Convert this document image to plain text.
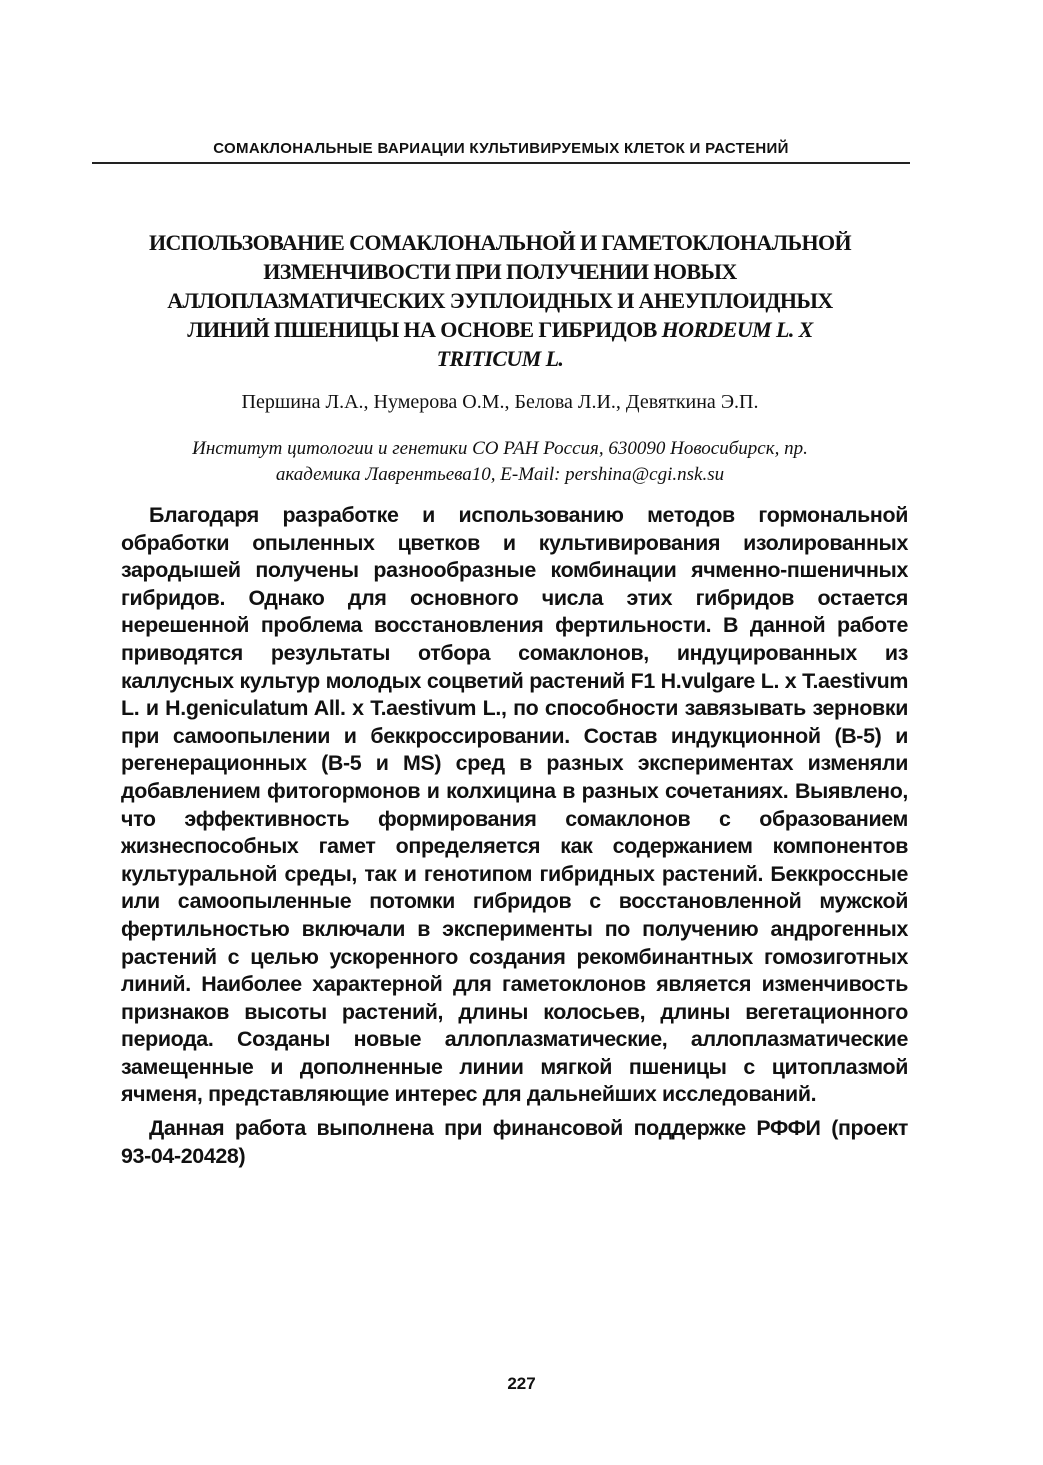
СОМАКЛОНАЛЬНЫЕ ВАРИАЦИИ КУЛЬТИВИРУЕМЫХ КЛЕТОК И РАСТЕНИЙ
ИСПОЛЬЗОВАНИЕ СОМАКЛОНАЛЬНОЙ И ГАМЕТОКЛОНАЛЬНОЙ
ИЗМЕНЧИВОСТИ ПРИ ПОЛУЧЕНИИ НОВЫХ
АЛЛОПЛАЗМАТИЧЕСКИХ ЭУПЛОИДНЫХ И АНЕУПЛОИДНЫХ
ЛИНИЙ ПШЕНИЦЫ НА ОСНОВЕ ГИБРИДОВ HORDEUM L. X
TRITICUM L.
Першина Л.А., Нумерова О.М., Белова Л.И., Девяткина Э.П.
Институт цитологии и генетики СО РАН Россия, 630090 Новосибирск, пр.
академика Лаврентьева10, E-Mail: pershina@cgi.nsk.su

Благодаря разработке и использованию методов гормональной обработки опыленных цветков и культивирования изолированных зародышей получены разнообразные комбинации ячменно-пшеничных гибридов. Однако для основного числа этих гибридов остается нерешенной проблема восстановления фертильности. В данной работе приводятся результаты отбора сомаклонов, индуцированных из каллусных культур молодых соцветий растений F1 H.vulgare L. x T.aestivum L. и H.geniculatum All. x T.aestivum L., по способности завязывать зерновки при самоопылении и беккроссировании. Состав индукционной (В-5) и регенерационных (В-5 и MS) сред в разных экспериментах изменяли добавлением фитогормонов и колхицина в разных сочетаниях. Выявлено, что эффективность формирования сомаклонов с образованием жизнеспособных гамет определяется как содержанием компонентов культуральной среды, так и генотипом гибридных растений. Беккроссные или самоопыленные потомки гибридов с восстановленной мужской фертильностью включали в эксперименты по получению андрогенных растений с целью ускоренного создания рекомбинантных гомозиготных линий. Наиболее характерной для гаметоклонов является изменчивость признаков высоты растений, длины колосьев, длины вегетационного периода. Созданы новые аллоплазматические, аллоплазматические замещенные и дополненные линии мягкой пшеницы с цитоплазмой ячменя, представляющие интерес для дальнейших исследований.

Данная работа выполнена при финансовой поддержке РФФИ (проект 93-04-20428)

227
